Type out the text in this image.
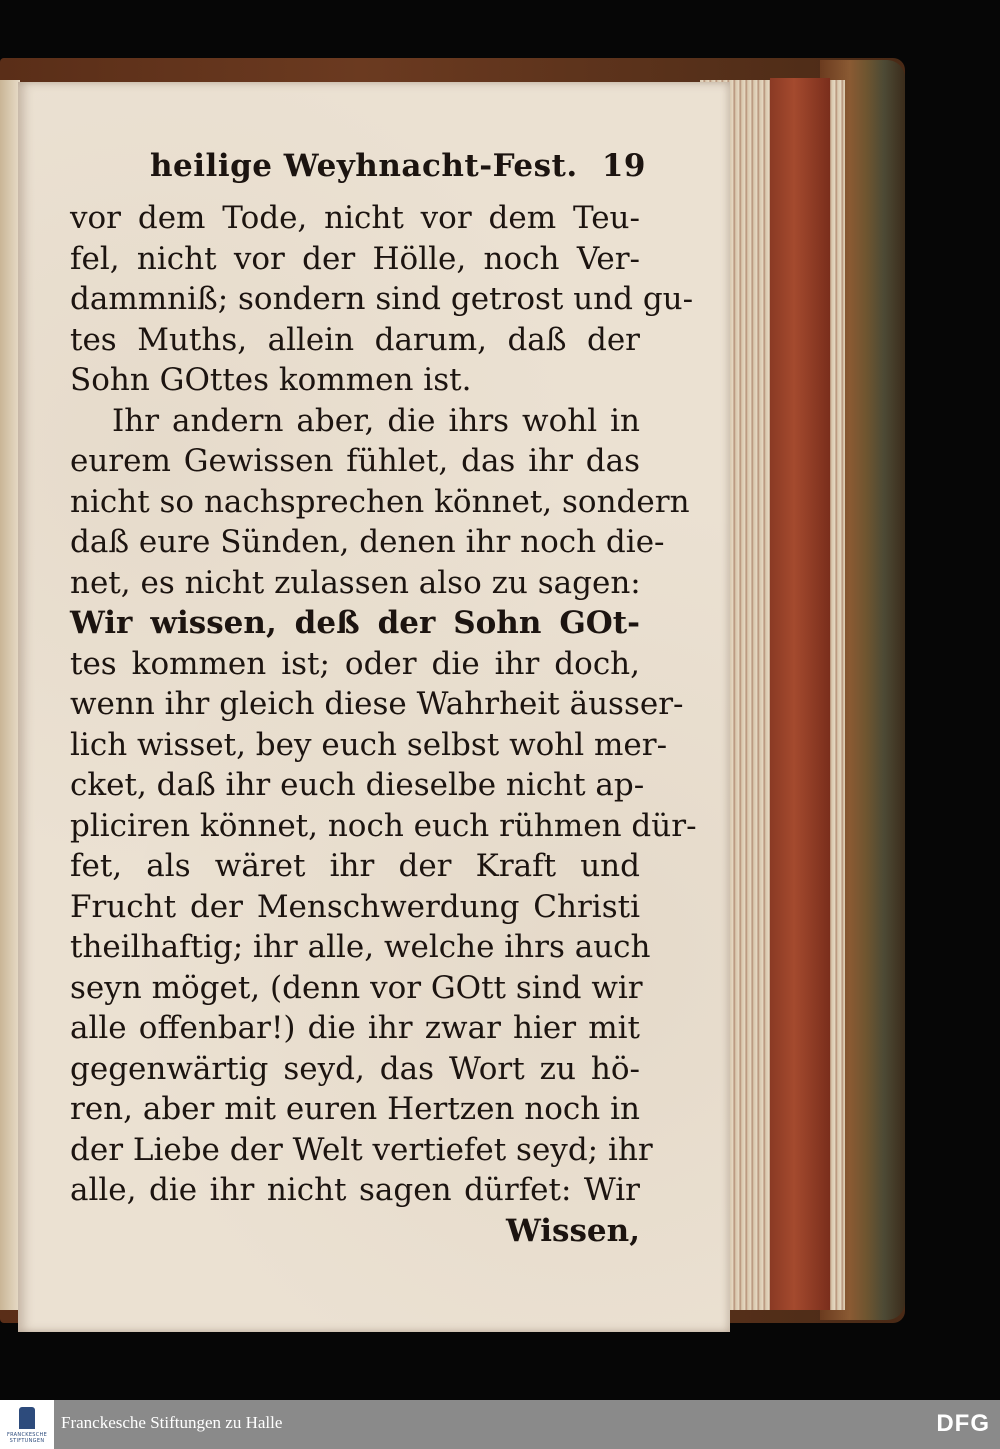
heilige Weyhnacht-Fest. 19
vor dem Tode, nicht vor dem Teu-
fel, nicht vor der Hölle, noch Ver-
dammniß; sondern sind getrost und gu-
tes Muths, allein darum, daß der
Sohn GOttes kommen ist.
Ihr andern aber, die ihrs wohl in
eurem Gewissen fühlet, das ihr das
nicht so nachsprechen könnet, sondern
daß eure Sünden, denen ihr noch die-
net, es nicht zulassen also zu sagen:
Wir wissen, deß der Sohn GOt-
tes kommen ist; oder die ihr doch,
wenn ihr gleich diese Wahrheit äusser-
lich wisset, bey euch selbst wohl mer-
cket, daß ihr euch dieselbe nicht ap-
pliciren könnet, noch euch rühmen dür-
fet, als wäret ihr der Kraft und
Frucht der Menschwerdung Christi
theilhaftig; ihr alle, welche ihrs auch
seyn möget, (denn vor GOtt sind wir
alle offenbar!) die ihr zwar hier mit
gegenwärtig seyd, das Wort zu hö-
ren, aber mit euren Hertzen noch in
der Liebe der Welt vertiefet seyd; ihr
alle, die ihr nicht sagen dürfet: Wir
Wissen,
FRANCKESCHE STIFTUNGEN
Franckesche Stiftungen zu Halle	DFG
